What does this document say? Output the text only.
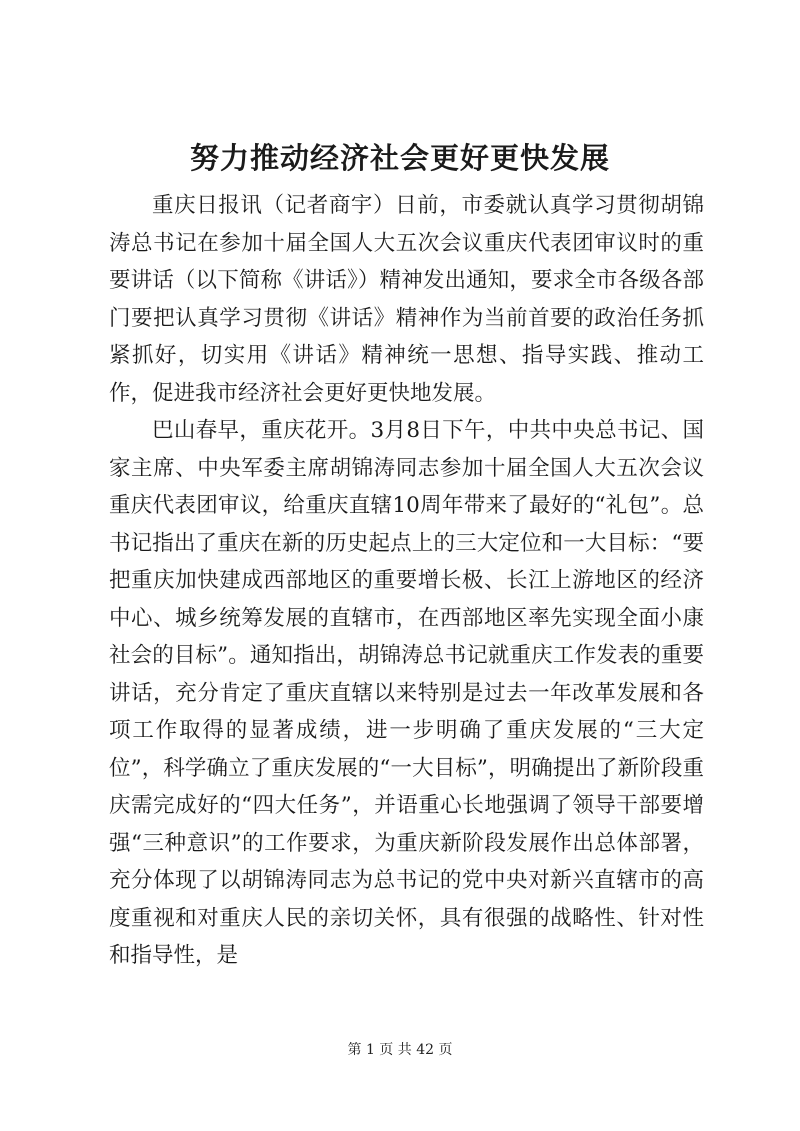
努力推动经济社会更好更快发展

重庆日报讯（记者商宇）日前，市委就认真学习贯彻胡锦涛总书记在参加十届全国人大五次会议重庆代表团审议时的重要讲话（以下简称《讲话》）精神发出通知，要求全市各级各部门要把认真学习贯彻《讲话》精神作为当前首要的政治任务抓紧抓好，切实用《讲话》精神统一思想、指导实践、推动工作，促进我市经济社会更好更快地发展。

巴山春早，重庆花开。3月8日下午，中共中央总书记、国家主席、中央军委主席胡锦涛同志参加十届全国人大五次会议重庆代表团审议，给重庆直辖10周年带来了最好的“礼包”。总书记指出了重庆在新的历史起点上的三大定位和一大目标：“要把重庆加快建成西部地区的重要增长极、长江上游地区的经济中心、城乡统筹发展的直辖市，在西部地区率先实现全面小康社会的目标”。通知指出，胡锦涛总书记就重庆工作发表的重要讲话，充分肯定了重庆直辖以来特别是过去一年改革发展和各项工作取得的显著成绩，进一步明确了重庆发展的“三大定位”，科学确立了重庆发展的“一大目标”，明确提出了新阶段重庆需完成好的“四大任务”，并语重心长地强调了领导干部要增强“三种意识”的工作要求，为重庆新阶段发展作出总体部署，充分体现了以胡锦涛同志为总书记的党中央对新兴直辖市的高度重视和对重庆人民的亲切关怀，具有很强的战略性、针对性和指导性，是

第 1 页 共 42 页
